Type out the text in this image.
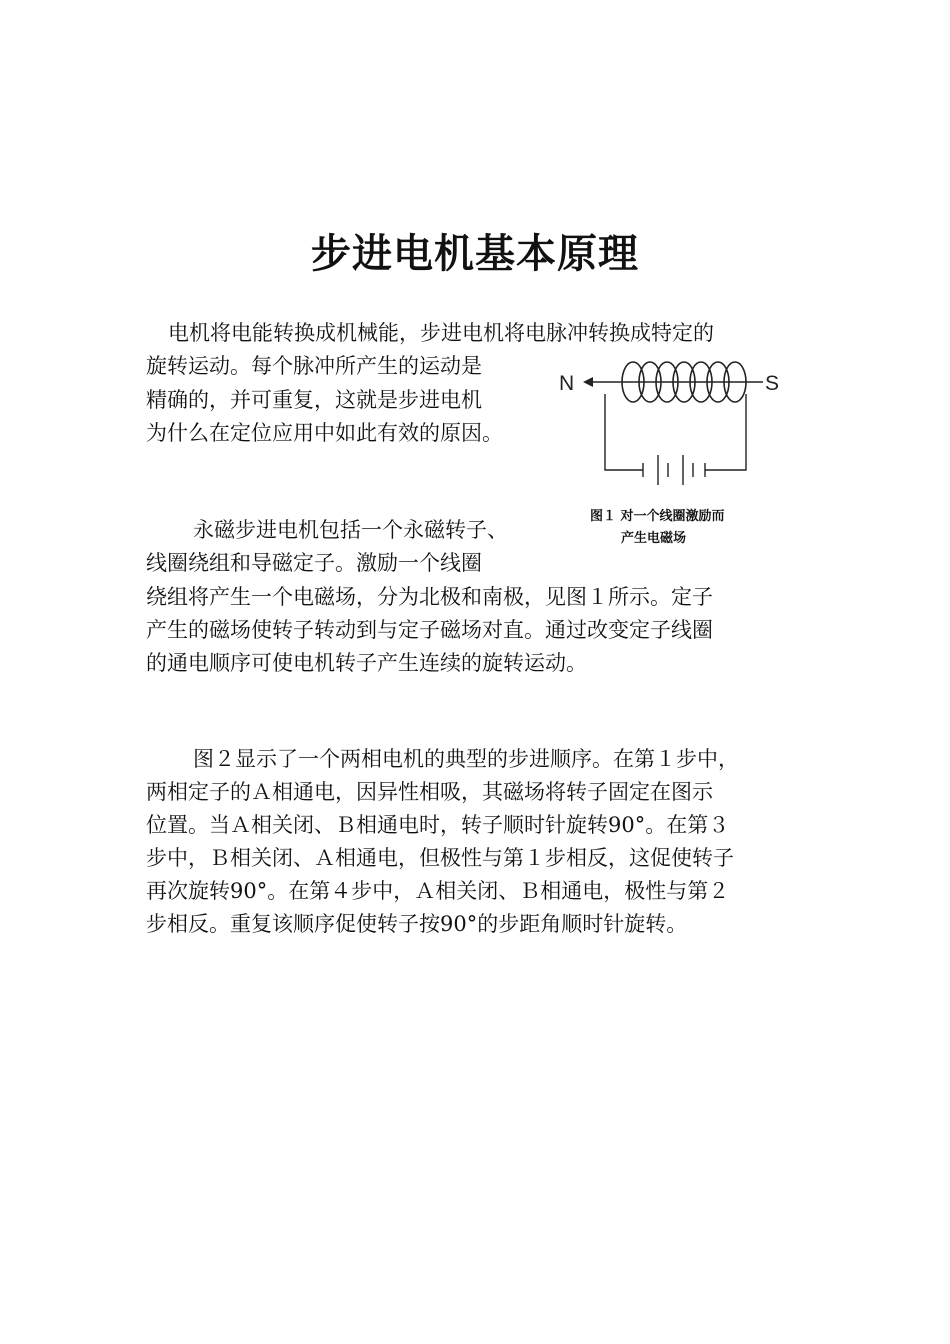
步进电机基本原理

电机将电能转换成机械能，步进电机将电脉冲转换成特定的

旋转运动。每个脉冲所产生的运动是

精确的，并可重复，这就是步进电机

为什么在定位应用中如此有效的原因。

永磁步进电机包括一个永磁转子、

线圈绕组和导磁定子。激励一个线圈

绕组将产生一个电磁场，分为北极和南极，见图１所示。定子

产生的磁场使转子转动到与定子磁场对直。通过改变定子线圈

的通电顺序可使电机转子产生连续的旋转运动。

图２显示了一个两相电机的典型的步进顺序。在第１步中，

两相定子的Ａ相通电，因异性相吸，其磁场将转子固定在图示

位置。当Ａ相关闭、Ｂ相通电时，转子顺时针旋转90°。在第３

步中，Ｂ相关闭、Ａ相通电，但极性与第１步相反，这促使转子

再次旋转90°。在第４步中，Ａ相关闭、Ｂ相通电，极性与第２

步相反。重复该顺序促使转子按90°的步距角顺时针旋转。

N	S
图１ 对一个线圈激励而
产生电磁场
